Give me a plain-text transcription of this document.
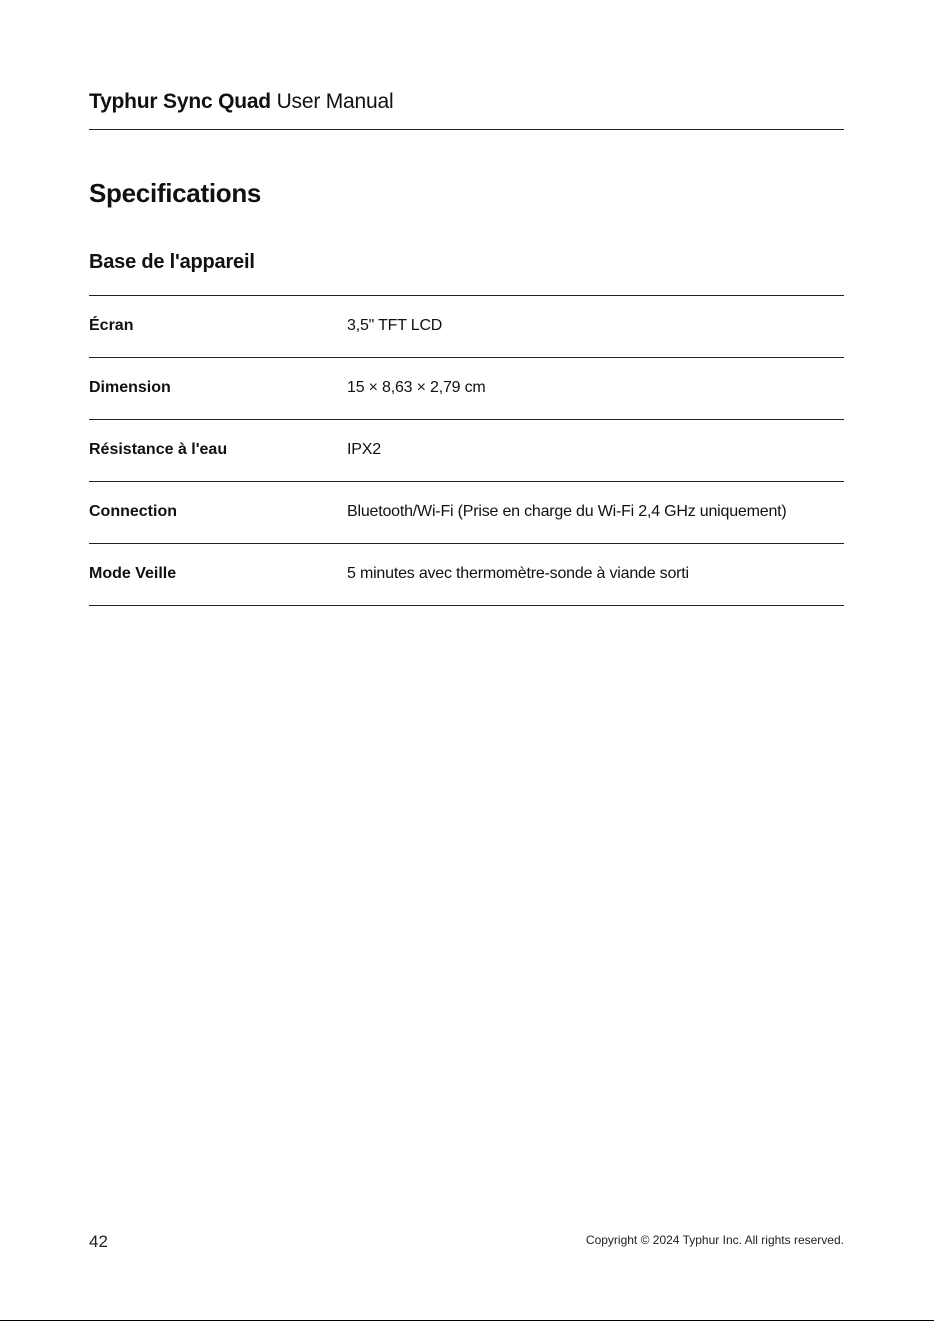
Typhur Sync Quad User Manual
Specifications
Base de l'appareil
Écran	3,5" TFT LCD
Dimension	15 × 8,63 × 2,79 cm
Résistance à l'eau	IPX2
Connection	Bluetooth/Wi-Fi (Prise en charge du Wi-Fi 2,4 GHz uniquement)
Mode Veille	5 minutes avec thermomètre-sonde à viande sorti
42	Copyright © 2024 Typhur Inc. All rights reserved.
